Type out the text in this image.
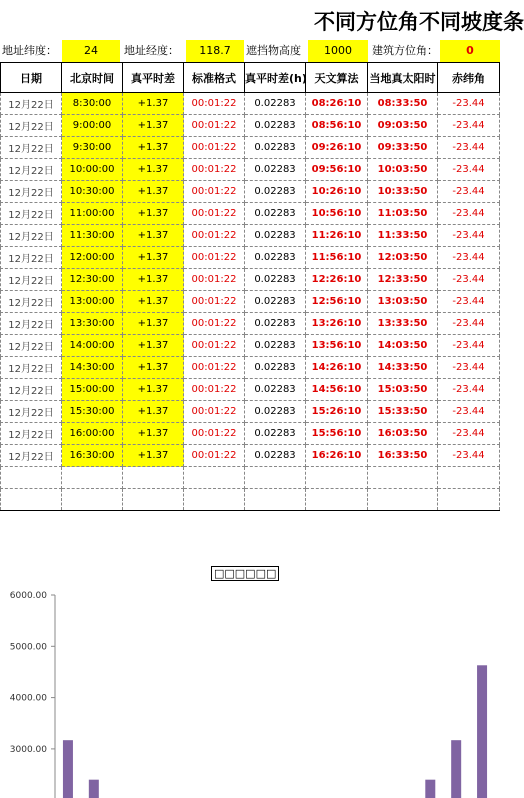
不同方位角不同坡度条
地址纬度：	24	地址经度：	118.7	遮挡物高度	1000	建筑方位角：	0
日期	北京时间	真平时差	标准格式	真平时差(h)	天文算法	当地真太阳时	赤纬角
12月22日	8:30:00	+1.37	00:01:22	0.02283	08:26:10	08:33:50	-23.44
12月22日	9:00:00	+1.37	00:01:22	0.02283	08:56:10	09:03:50	-23.44
12月22日	9:30:00	+1.37	00:01:22	0.02283	09:26:10	09:33:50	-23.44
12月22日	10:00:00	+1.37	00:01:22	0.02283	09:56:10	10:03:50	-23.44
12月22日	10:30:00	+1.37	00:01:22	0.02283	10:26:10	10:33:50	-23.44
12月22日	11:00:00	+1.37	00:01:22	0.02283	10:56:10	11:03:50	-23.44
12月22日	11:30:00	+1.37	00:01:22	0.02283	11:26:10	11:33:50	-23.44
12月22日	12:00:00	+1.37	00:01:22	0.02283	11:56:10	12:03:50	-23.44
12月22日	12:30:00	+1.37	00:01:22	0.02283	12:26:10	12:33:50	-23.44
12月22日	13:00:00	+1.37	00:01:22	0.02283	12:56:10	13:03:50	-23.44
12月22日	13:30:00	+1.37	00:01:22	0.02283	13:26:10	13:33:50	-23.44
12月22日	14:00:00	+1.37	00:01:22	0.02283	13:56:10	14:03:50	-23.44
12月22日	14:30:00	+1.37	00:01:22	0.02283	14:26:10	14:33:50	-23.44
12月22日	15:00:00	+1.37	00:01:22	0.02283	14:56:10	15:03:50	-23.44
12月22日	15:30:00	+1.37	00:01:22	0.02283	15:26:10	15:33:50	-23.44
12月22日	16:00:00	+1.37	00:01:22	0.02283	15:56:10	16:03:50	-23.44
12月22日	16:30:00	+1.37	00:01:22	0.02283	16:26:10	16:33:50	-23.44

□□□□□□
6000.00
5000.00
4000.00
3000.00
